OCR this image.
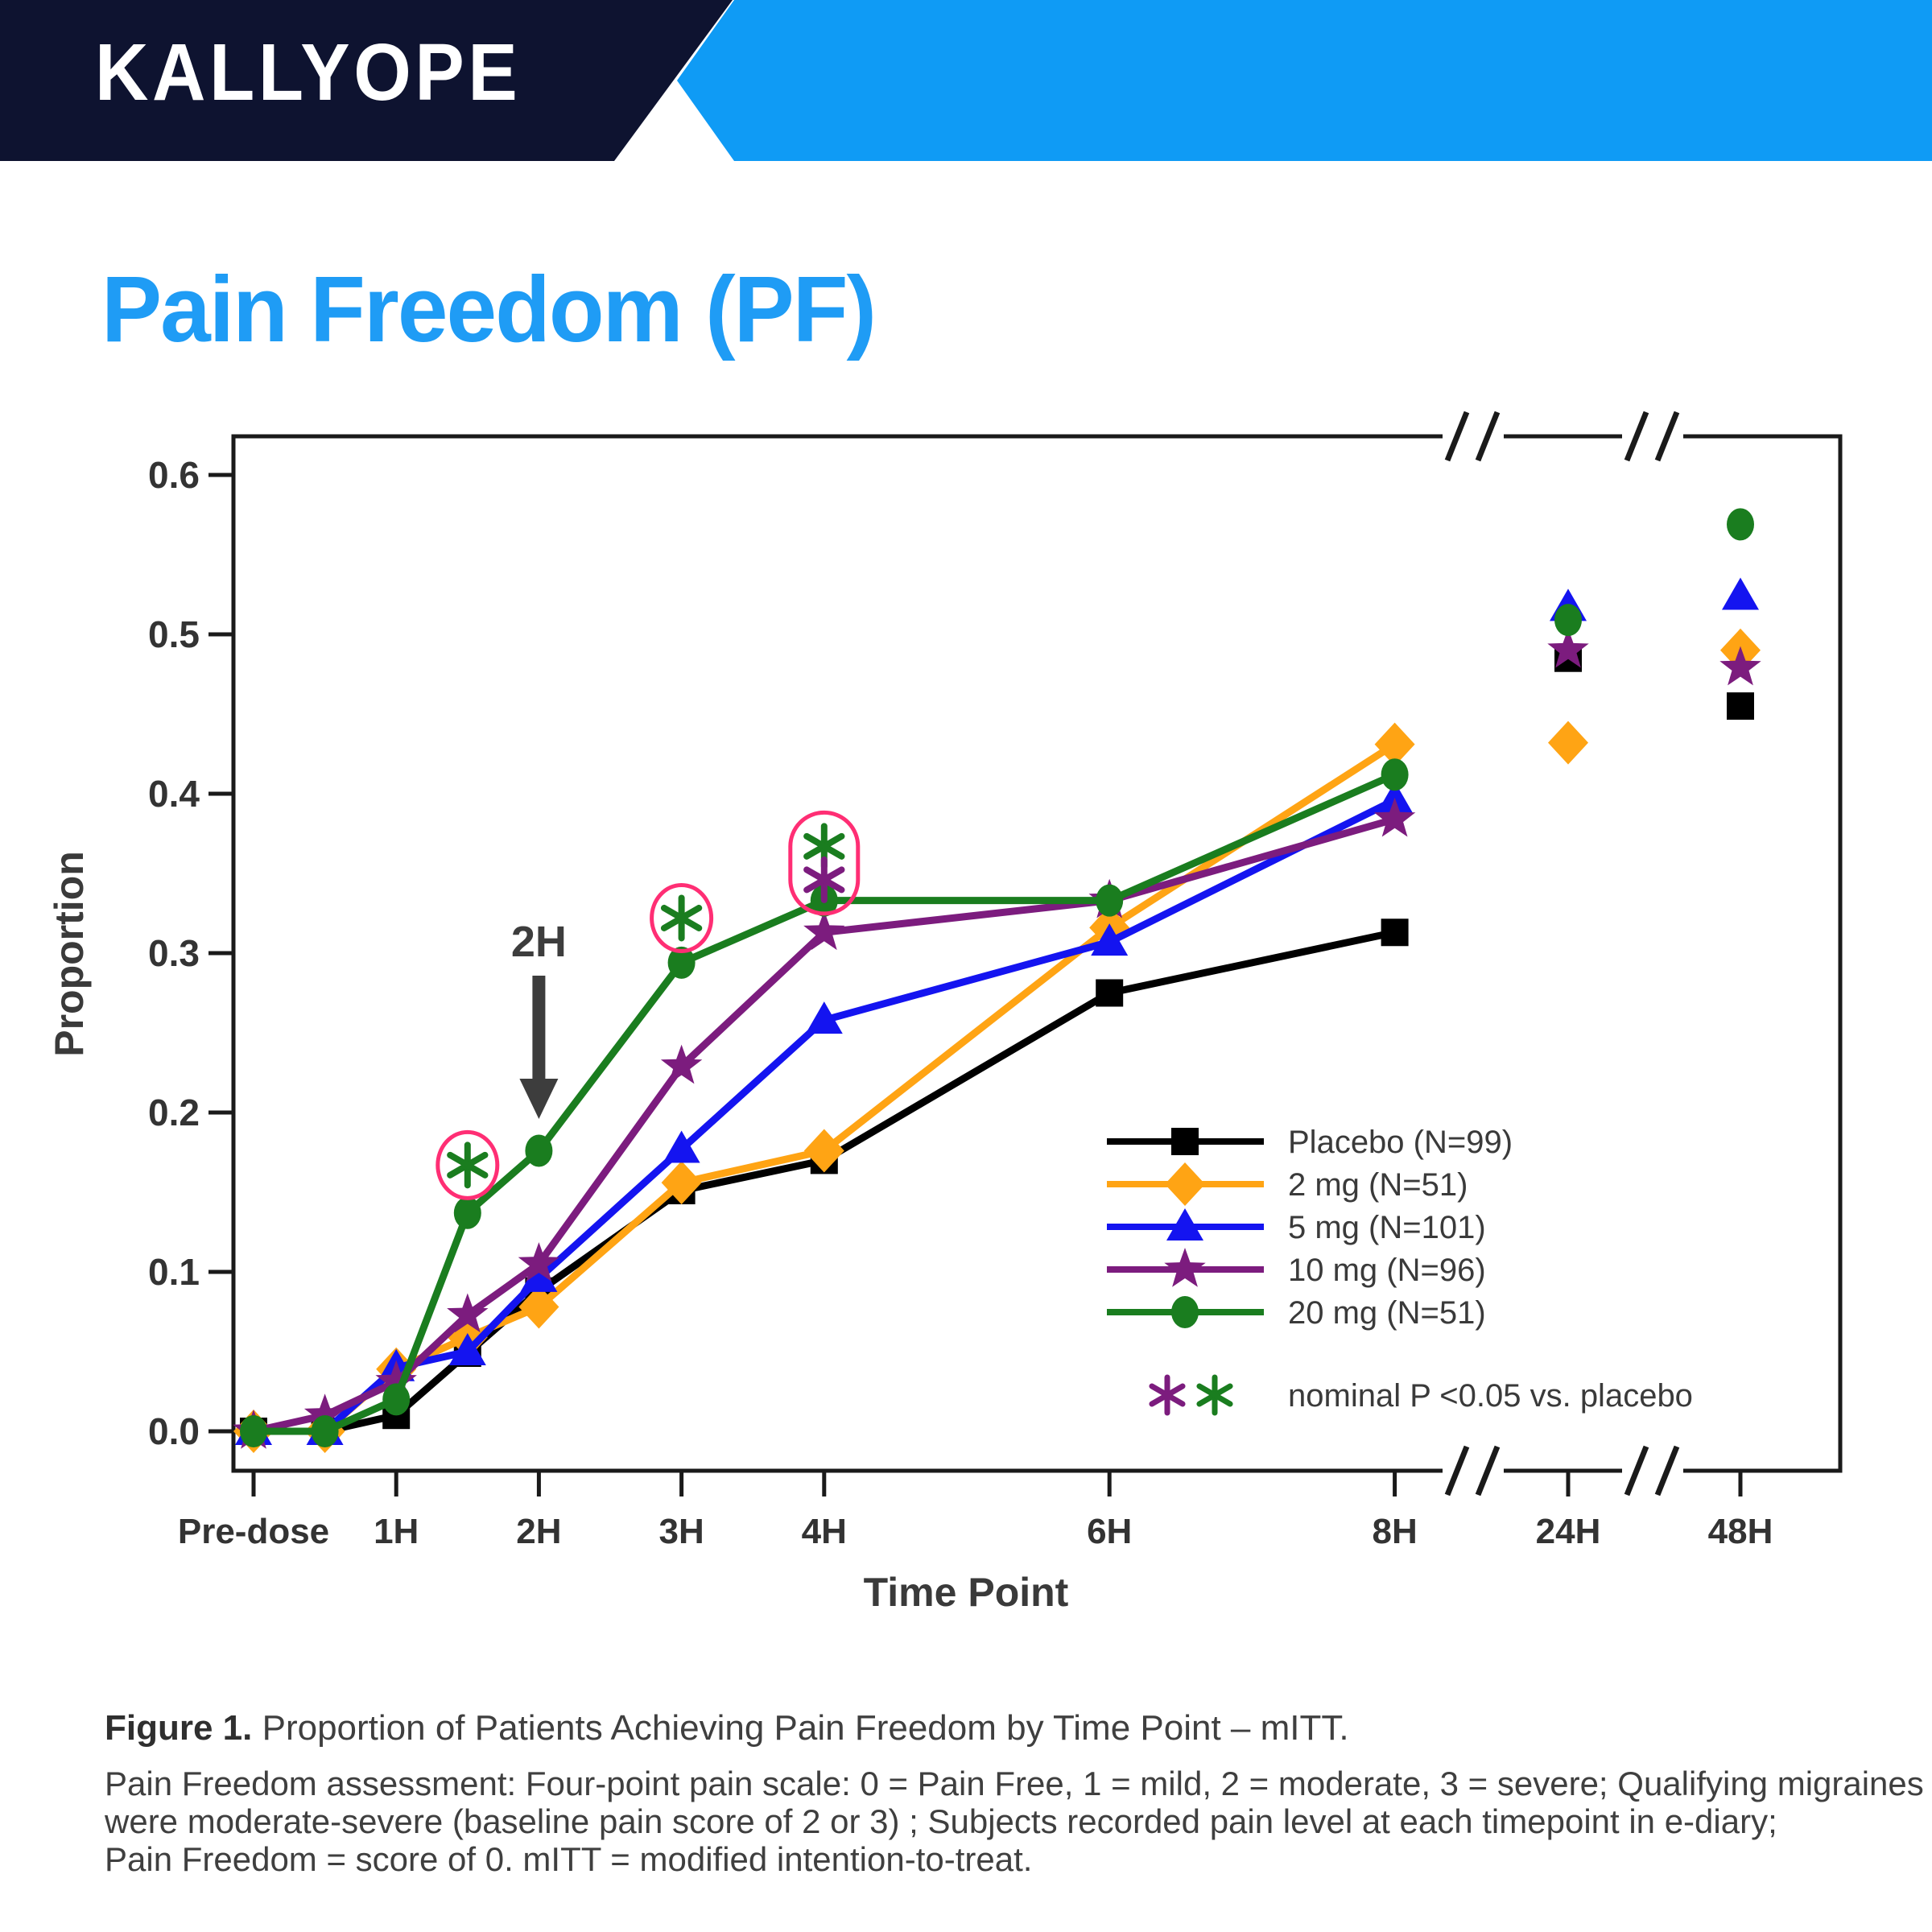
KALLYOPE
Pain Freedom (PF)
0.0
0.1
0.2
0.3
0.4
0.5
0.6
Pre-dose 1H	2H	3H	4H	6H	8H	24H	48H
Proportion
Time Point
2H
Placebo (N=99)
2 mg (N=51)
5 mg (N=101)
10 mg (N=96)
20 mg (N=51)
nominal P <0.05 vs. placebo
Figure 1. Proportion of Patients Achieving Pain Freedom by Time Point – mITT.
Pain Freedom assessment: Four-point pain scale: 0 = Pain Free, 1 = mild, 2 = moderate, 3 = severe; Qualifying migraines
were moderate-severe (baseline pain score of 2 or 3) ; Subjects recorded pain level at each timepoint in e-diary;
Pain Freedom = score of 0. mITT = modified intention-to-treat.
